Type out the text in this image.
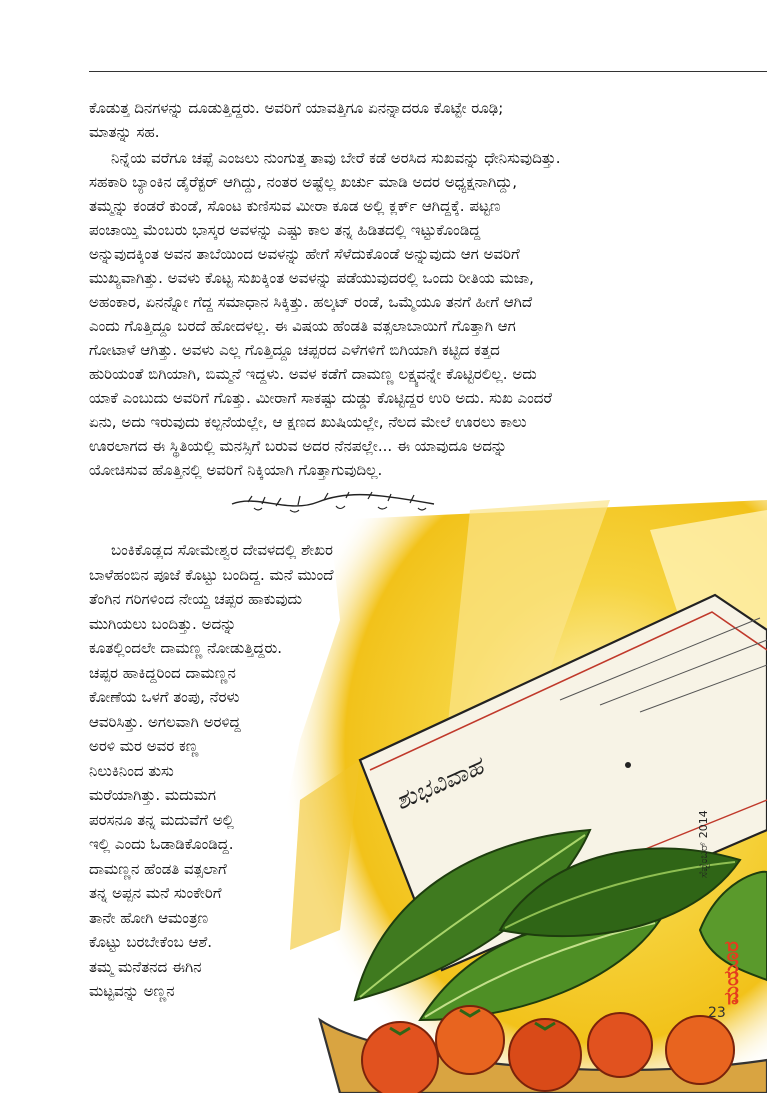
ಕೊಡುತ್ತ ದಿನಗಳನ್ನು ದೂಡುತ್ತಿದ್ದರು. ಅವರಿಗೆ ಯಾವತ್ತಿಗೂ ಏನನ್ನಾದರೂ ಕೊಟ್ಟೇ ರೂಢಿ;
ಮಾತನ್ನು ಸಹ.

ನಿನ್ನೆಯ ವರೆಗೂ ಚಪ್ಪೆ ಎಂಜಲು ನುಂಗುತ್ತ ತಾವು ಬೇರೆ ಕಡೆ ಅರಸಿದ ಸುಖವನ್ನು ಧೇನಿಸುವುದಿತ್ತು.
ಸಹಕಾರಿ ಬ್ಯಾಂಕಿನ ಡೈರೆಕ್ಟರ್ ಆಗಿದ್ದು, ನಂತರ ಅಷ್ಟೆಲ್ಲ ಖರ್ಚು ಮಾಡಿ ಅದರ ಅಧ್ಯಕ್ಷನಾಗಿದ್ದು,
ತಮ್ಮನ್ನು ಕಂಡರೆ ಕುಂಡೆ, ಸೊಂಟ ಕುಣಿಸುವ ಮೀರಾ ಕೂಡ ಅಲ್ಲಿ ಕ್ಲರ್ಕ್ ಆಗಿದ್ದಕ್ಕೆ. ಪಟ್ಟಣ
ಪಂಚಾಯ್ತಿ ಮೆಂಬರು ಭಾಸ್ಕರ ಅವಳನ್ನು ಎಷ್ಟು ಕಾಲ ತನ್ನ ಹಿಡಿತದಲ್ಲಿ ಇಟ್ಟುಕೊಂಡಿದ್ದ
ಅನ್ನುವುದಕ್ಕಿಂತ ಅವನ ತಾಬೆಯಿಂದ ಅವಳನ್ನು ಹೇಗೆ ಸೆಳೆದುಕೊಂಡೆ ಅನ್ನುವುದು ಆಗ ಅವರಿಗೆ
ಮುಖ್ಯವಾಗಿತ್ತು. ಅವಳು ಕೊಟ್ಟ ಸುಖಕ್ಕಿಂತ ಅವಳನ್ನು ಪಡೆಯುವುದರಲ್ಲಿ ಒಂದು ರೀತಿಯ ಮಜಾ,
ಅಹಂಕಾರ, ಏನನ್ನೋ ಗೆದ್ದ ಸಮಾಧಾನ ಸಿಕ್ಕಿತ್ತು. ಹಲ್ಕಟ್ ರಂಡೆ, ಒಮ್ಮೆಯೂ ತನಗೆ ಹೀಗೆ ಆಗಿದೆ
ಎಂದು ಗೊತ್ತಿದ್ದೂ ಬರದೆ ಹೋದಳಲ್ಲ. ಈ ವಿಷಯ ಹೆಂಡತಿ ವತ್ಸಲಾಬಾಯಿಗೆ ಗೊತ್ತಾಗಿ ಆಗ
ಗೋಟಾಳೆ ಆಗಿತ್ತು. ಅವಳು ಎಲ್ಲ ಗೊತ್ತಿದ್ದೂ ಚಪ್ಪರದ ಎಳೆಗಳಿಗೆ ಬಿಗಿಯಾಗಿ ಕಟ್ಟಿದ ಕತ್ತದ
ಹುರಿಯಂತೆ ಬಿಗಿಯಾಗಿ, ಬಿಮ್ಮನೆ ಇದ್ದಳು. ಅವಳ ಕಡೆಗೆ ದಾಮಣ್ಣ ಲಕ್ಷ್ಯವನ್ನೇ ಕೊಟ್ಟಿರಲಿಲ್ಲ. ಅದು
ಯಾಕೆ ಎಂಬುದು ಅವರಿಗೆ ಗೊತ್ತು. ಮೀರಾಗೆ ಸಾಕಷ್ಟು ದುಡ್ಡು ಕೊಟ್ಟಿದ್ದರ ಉರಿ ಅದು. ಸುಖ ಎಂದರೆ
ಏನು, ಅದು ಇರುವುದು ಕಲ್ಪನೆಯಲ್ಲೇ, ಆ ಕ್ಷಣದ ಖುಷಿಯಲ್ಲೇ, ನೆಲದ ಮೇಲೆ ಊರಲು ಕಾಲು
ಊರಲಾಗದ ಈ ಸ್ಥಿತಿಯಲ್ಲಿ ಮನಸ್ಸಿಗೆ ಬರುವ ಅದರ ನೆನಪಲ್ಲೇ... ಈ ಯಾವುದೂ ಅದನ್ನು
ಯೋಚಿಸುವ ಹೊತ್ತಿನಲ್ಲಿ ಅವರಿಗೆ ನಿಕ್ಕಿಯಾಗಿ ಗೊತ್ತಾಗುವುದಿಲ್ಲ.

ಶುಭವಿವಾಹ
ಸೆಪ್ಟೆಂಬರ್ 2014
ಮಯೂರ
23

ಬಂಕಿಕೊಡ್ಲದ ಸೋಮೇಶ್ವರ ದೇವಳದಲ್ಲಿ ಶೇಖರ
ಬಾಳೆಹಂಬಿನ ಪೂಜೆ ಕೊಟ್ಟು ಬಂದಿದ್ದ. ಮನೆ ಮುಂದೆ
ತೆಂಗಿನ ಗರಿಗಳಿಂದ ನೇಯ್ದ ಚಪ್ಪರ ಹಾಕುವುದು
ಮುಗಿಯಲು ಬಂದಿತ್ತು. ಅದನ್ನು
ಕೂತಲ್ಲಿಂದಲೇ ದಾಮಣ್ಣ ನೋಡುತ್ತಿದ್ದರು.
ಚಪ್ಪರ ಹಾಕಿದ್ದರಿಂದ ದಾಮಣ್ಣನ
ಕೋಣೆಯ ಒಳಗೆ ತಂಪು, ನೆರಳು
ಆವರಿಸಿತ್ತು. ಅಗಲವಾಗಿ ಅರಳಿದ್ದ
ಅರಳಿ ಮರ ಅವರ ಕಣ್ಣ
ನಿಲುಕಿನಿಂದ ತುಸು
ಮರೆಯಾಗಿತ್ತು. ಮದುಮಗ
ಪರಸನೂ ತನ್ನ ಮದುವೆಗೆ ಅಲ್ಲಿ
ಇಲ್ಲಿ ಎಂದು ಓಡಾಡಿಕೊಂಡಿದ್ದ.
ದಾಮಣ್ಣನ ಹೆಂಡತಿ ವತ್ಸಲಾಗೆ
ತನ್ನ ಅಪ್ಪನ ಮನೆ ಸುಂಕೇರಿಗೆ
ತಾನೇ ಹೋಗಿ ಆಮಂತ್ರಣ
ಕೊಟ್ಟು ಬರಬೇಕೆಂಬ ಆಶೆ.
ತಮ್ಮ ಮನೆತನದ ಈಗಿನ
ಮಟ್ಟವನ್ನು ಅಣ್ಣನ
